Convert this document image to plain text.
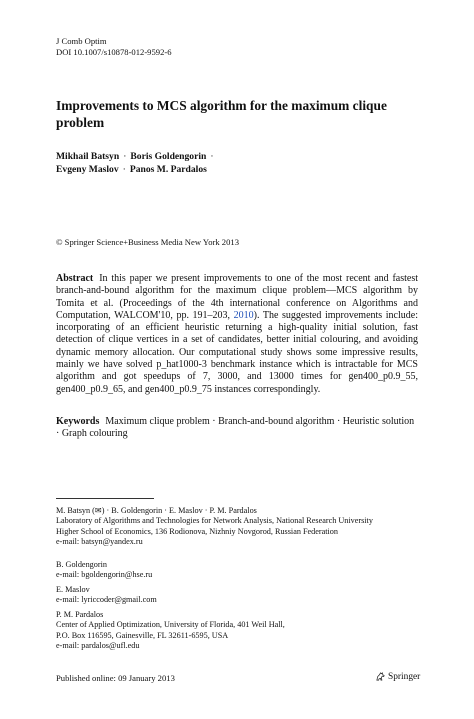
J Comb Optim
DOI 10.1007/s10878-012-9592-6
Improvements to MCS algorithm for the maximum clique problem
Mikhail Batsyn · Boris Goldengorin ·
Evgeny Maslov · Panos M. Pardalos
© Springer Science+Business Media New York 2013

Abstract In this paper we present improvements to one of the most recent and fastest branch-and-bound algorithm for the maximum clique problem—MCS algorithm by Tomita et al. (Proceedings of the 4th international conference on Algorithms and Computation, WALCOM'10, pp. 191–203, 2010). The suggested improvements include: incorporating of an efficient heuristic returning a high-quality initial solution, fast detection of clique vertices in a set of candidates, better initial colouring, and avoiding dynamic memory allocation. Our computational study shows some impressive results, mainly we have solved p_hat1000-3 benchmark instance which is intractable for MCS algorithm and got speedups of 7, 3000, and 13000 times for gen400_p0.9_55, gen400_p0.9_65, and gen400_p0.9_75 instances correspondingly.

Keywords Maximum clique problem · Branch-and-bound algorithm · Heuristic solution · Graph colouring

M. Batsyn (✉) · B. Goldengorin · E. Maslov · P. M. Pardalos
Laboratory of Algorithms and Technologies for Network Analysis, National Research University
Higher School of Economics, 136 Rodionova, Nizhniy Novgorod, Russian Federation
e-mail: batsyn@yandex.ru
B. Goldengorin
e-mail: bgoldengorin@hse.ru
E. Maslov
e-mail: lyriccoder@gmail.com
P. M. Pardalos
Center of Applied Optimization, University of Florida, 401 Weil Hall,
P.O. Box 116595, Gainesville, FL 32611-6595, USA
e-mail: pardalos@ufl.edu
Published online: 09 January 2013	Springer
